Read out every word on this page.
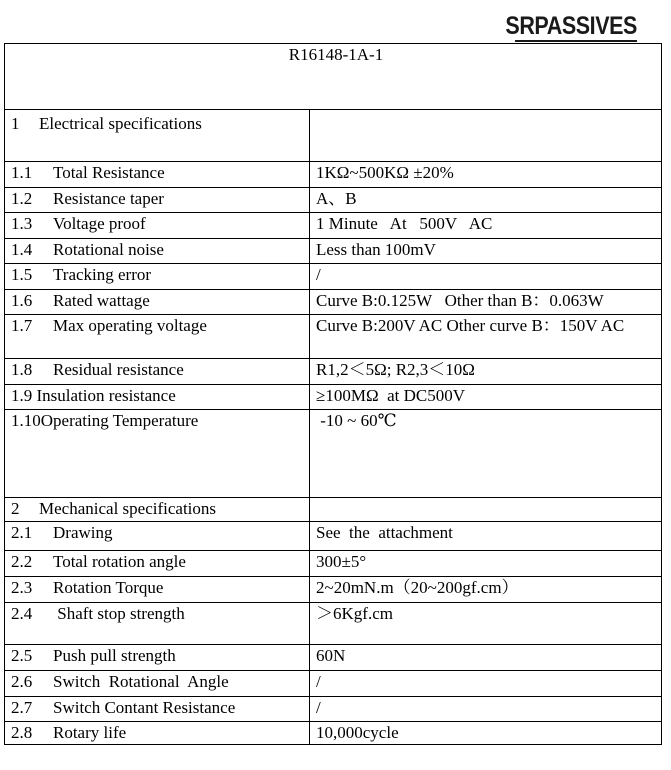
SRPASSIVES
R16148-1A-1	
1 Electrical specifications	
1.1 Total Resistance	1KΩ~500KΩ ±20%
1.2 Resistance taper	A、B
1.3 Voltage proof	1 Minute   At   500V   AC
1.4 Rotational noise	Less than 100mV
1.5 Tracking error	/
1.6 Rated wattage	Curve B:0.125W   Other than B：0.063W
1.7 Max operating voltage	Curve B:200V AC Other curve B：150V AC
1.8 Residual resistance	R1,2＜5Ω; R2,3＜10Ω
1.9 Insulation resistance	≥100MΩ  at DC500V
1.10Operating Temperature	-10 ~ 60℃
2 Mechanical specifications	
2.1 Drawing	See  the  attachment
2.2 Total rotation angle	300±5°
2.3 Rotation Torque	2~20mN.m（20~200gf.cm）
2.4 Shaft stop strength	＞6Kgf.cm
2.5 Push pull strength	60N
2.6 Switch  Rotational  Angle	/
2.7 Switch Contant Resistance	/
2.8 Rotary life	10,000cycle
